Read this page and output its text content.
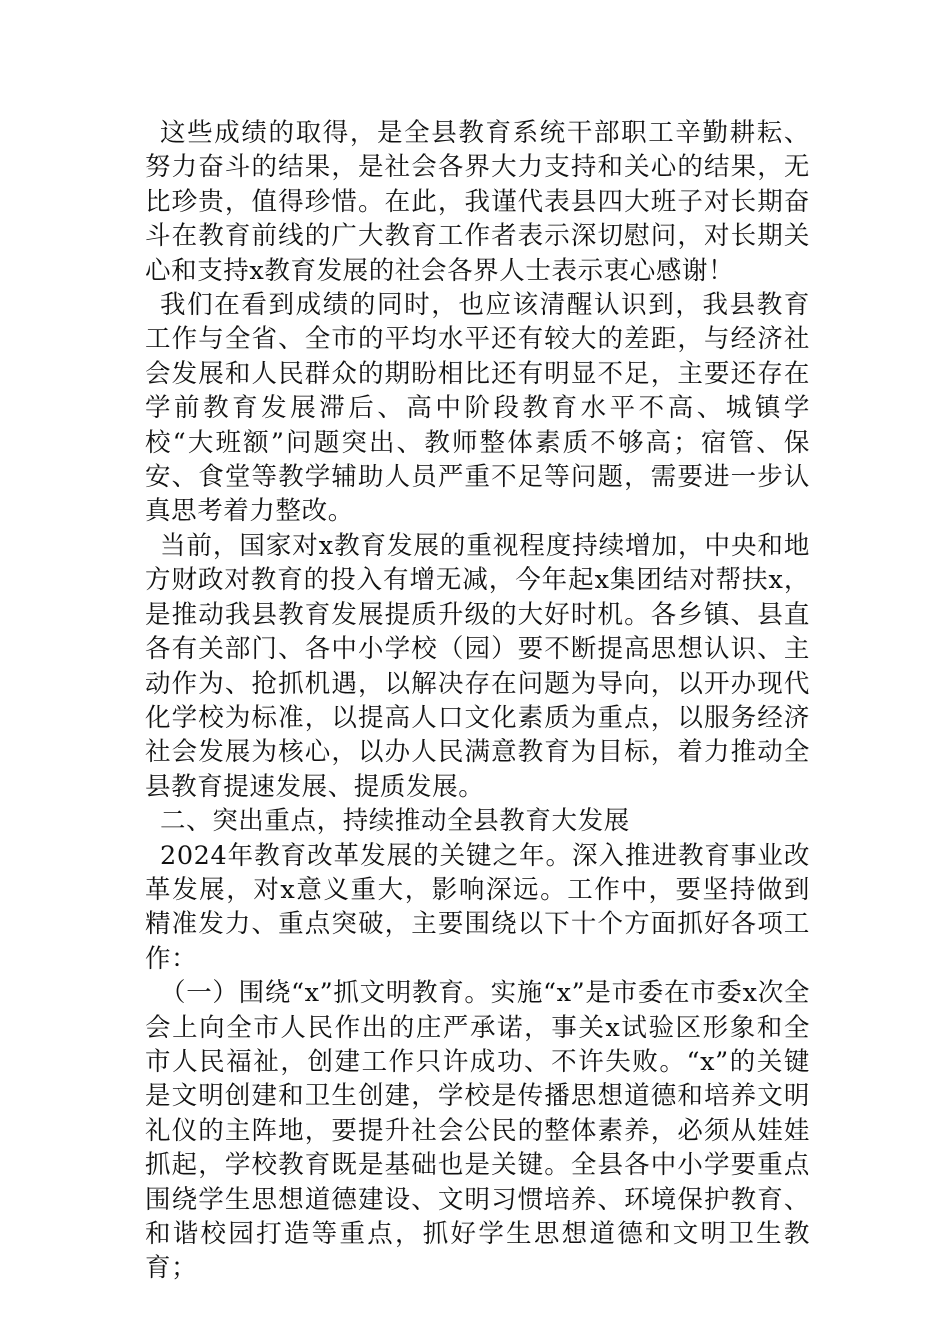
这些成绩的取得，是全县教育系统干部职工辛勤耕耘、努力奋斗的结果，是社会各界大力支持和关心的结果，无比珍贵，值得珍惜。在此，我谨代表县四大班子对长期奋斗在教育前线的广大教育工作者表示深切慰问，对长期关心和支持x教育发展的社会各界人士表示衷心感谢！

我们在看到成绩的同时，也应该清醒认识到，我县教育工作与全省、全市的平均水平还有较大的差距，与经济社会发展和人民群众的期盼相比还有明显不足，主要还存在学前教育发展滞后、高中阶段教育水平不高、城镇学校“大班额”问题突出、教师整体素质不够高；宿管、保安、食堂等教学辅助人员严重不足等问题，需要进一步认真思考着力整改。

当前，国家对x教育发展的重视程度持续增加，中央和地方财政对教育的投入有增无减，今年起x集团结对帮扶x，是推动我县教育发展提质升级的大好时机。各乡镇、县直各有关部门、各中小学校（园）要不断提高思想认识、主动作为、抢抓机遇，以解决存在问题为导向，以开办现代化学校为标准，以提高人口文化素质为重点，以服务经济社会发展为核心，以办人民满意教育为目标，着力推动全县教育提速发展、提质发展。

二、突出重点，持续推动全县教育大发展

2024年教育改革发展的关键之年。深入推进教育事业改革发展，对x意义重大，影响深远。工作中，要坚持做到精准发力、重点突破，主要围绕以下十个方面抓好各项工作：

（一）围绕“x”抓文明教育。实施“x”是市委在市委x次全会上向全市人民作出的庄严承诺，事关x试验区形象和全市人民福祉，创建工作只许成功、不许失败。“x”的关键是文明创建和卫生创建，学校是传播思想道德和培养文明礼仪的主阵地，要提升社会公民的整体素养，必须从娃娃抓起，学校教育既是基础也是关键。全县各中小学要重点围绕学生思想道德建设、文明习惯培养、环境保护教育、和谐校园打造等重点，抓好学生思想道德和文明卫生教育；
